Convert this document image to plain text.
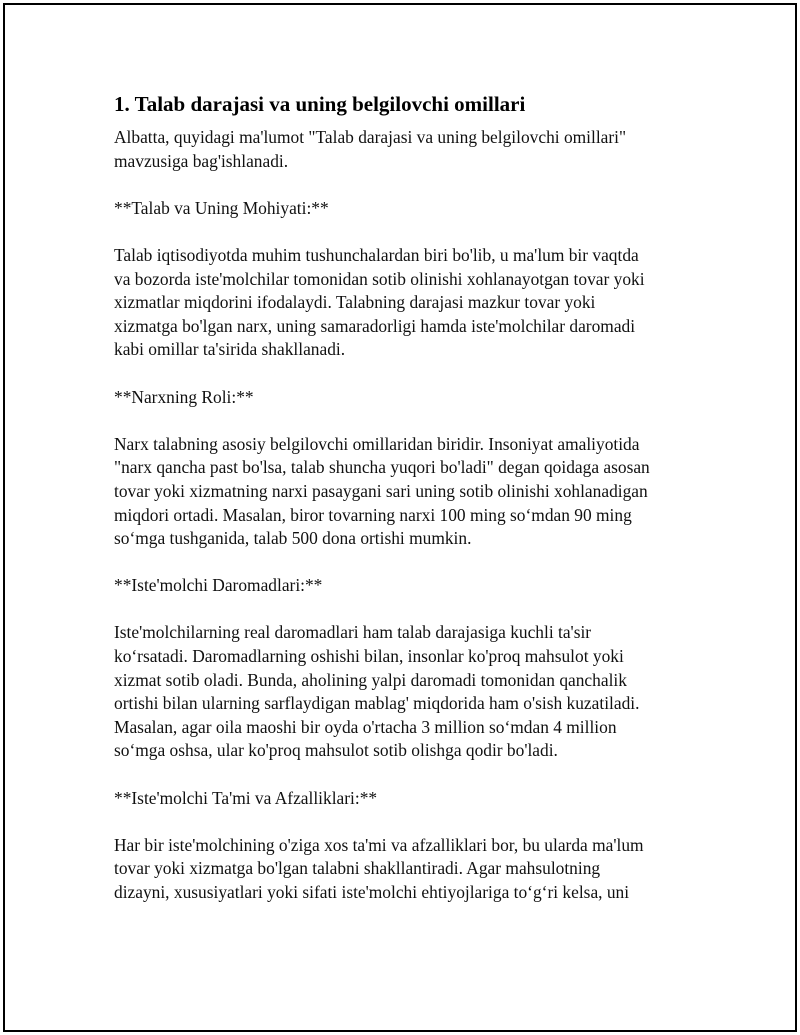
1. Talab darajasi va uning belgilovchi omillari

Albatta, quyidagi ma'lumot "Talab darajasi va uning belgilovchi omillari"
mavzusiga bag'ishlanadi.

**Talab va Uning Mohiyati:**

Talab iqtisodiyotda muhim tushunchalardan biri bo'lib, u ma'lum bir vaqtda
va bozorda iste'molchilar tomonidan sotib olinishi xohlanayotgan tovar yoki
xizmatlar miqdorini ifodalaydi. Talabning darajasi mazkur tovar yoki
xizmatga bo'lgan narx, uning samaradorligi hamda iste'molchilar daromadi
kabi omillar ta'sirida shakllanadi.

**Narxning Roli:**

Narx talabning asosiy belgilovchi omillaridan biridir. Insoniyat amaliyotida
"narx qancha past bo'lsa, talab shuncha yuqori bo'ladi" degan qoidaga asosan
tovar yoki xizmatning narxi pasaygani sari uning sotib olinishi xohlanadigan
miqdori ortadi. Masalan, biror tovarning narxi 100 ming so‘mdan 90 ming
so‘mga tushganida, talab 500 dona ortishi mumkin.

**Iste'molchi Daromadlari:**

Iste'molchilarning real daromadlari ham talab darajasiga kuchli ta'sir
ko‘rsatadi. Daromadlarning oshishi bilan, insonlar ko'proq mahsulot yoki
xizmat sotib oladi. Bunda, aholining yalpi daromadi tomonidan qanchalik
ortishi bilan ularning sarflaydigan mablag' miqdorida ham o'sish kuzatiladi.
Masalan, agar oila maoshi bir oyda o'rtacha 3 million so‘mdan 4 million
so‘mga oshsa, ular ko'proq mahsulot sotib olishga qodir bo'ladi.

**Iste'molchi Ta'mi va Afzalliklari:**

Har bir iste'molchining o'ziga xos ta'mi va afzalliklari bor, bu ularda ma'lum
tovar yoki xizmatga bo'lgan talabni shakllantiradi. Agar mahsulotning
dizayni, xususiyatlari yoki sifati iste'molchi ehtiyojlariga to‘g‘ri kelsa, uni
